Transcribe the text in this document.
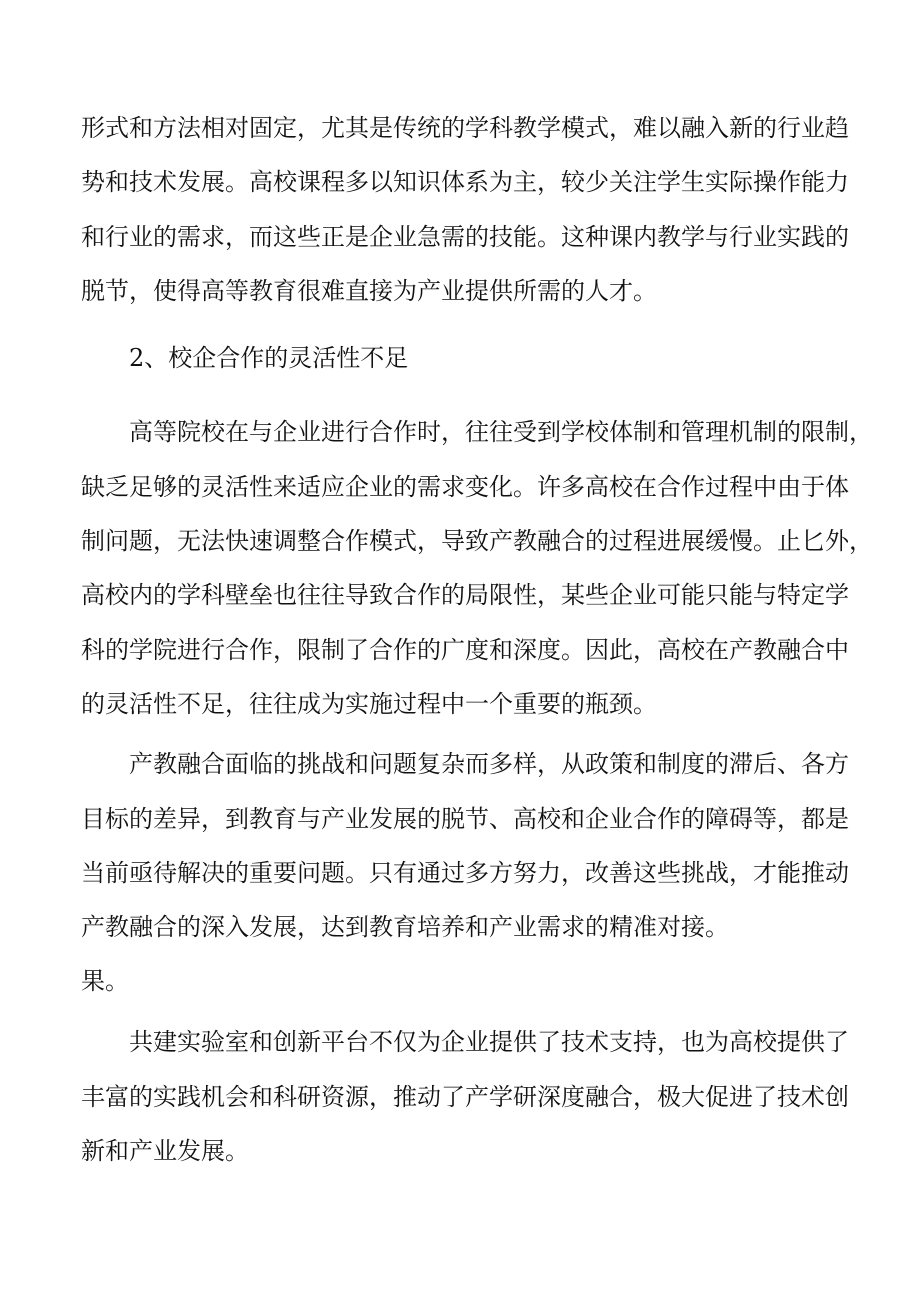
形式和方法相对固定，尤其是传统的学科教学模式，难以融入新的行业趋
势和技术发展。高校课程多以知识体系为主，较少关注学生实际操作能力
和行业的需求，而这些正是企业急需的技能。这种课内教学与行业实践的
脱节，使得高等教育很难直接为产业提供所需的人才。
2、校企合作的灵活性不足
高等院校在与企业进行合作时，往往受到学校体制和管理机制的限制，
缺乏足够的灵活性来适应企业的需求变化。许多高校在合作过程中由于体
制问题，无法快速调整合作模式，导致产教融合的过程进展缓慢。止匕外，
高校内的学科壁垒也往往导致合作的局限性，某些企业可能只能与特定学
科的学院进行合作，限制了合作的广度和深度。因此，高校在产教融合中
的灵活性不足，往往成为实施过程中一个重要的瓶颈。
产教融合面临的挑战和问题复杂而多样，从政策和制度的滞后、各方
目标的差异，到教育与产业发展的脱节、高校和企业合作的障碍等，都是
当前亟待解决的重要问题。只有通过多方努力，改善这些挑战，才能推动
产教融合的深入发展，达到教育培养和产业需求的精准对接。
果。
共建实验室和创新平台不仅为企业提供了技术支持，也为高校提供了
丰富的实践机会和科研资源，推动了产学研深度融合，极大促进了技术创
新和产业发展。
